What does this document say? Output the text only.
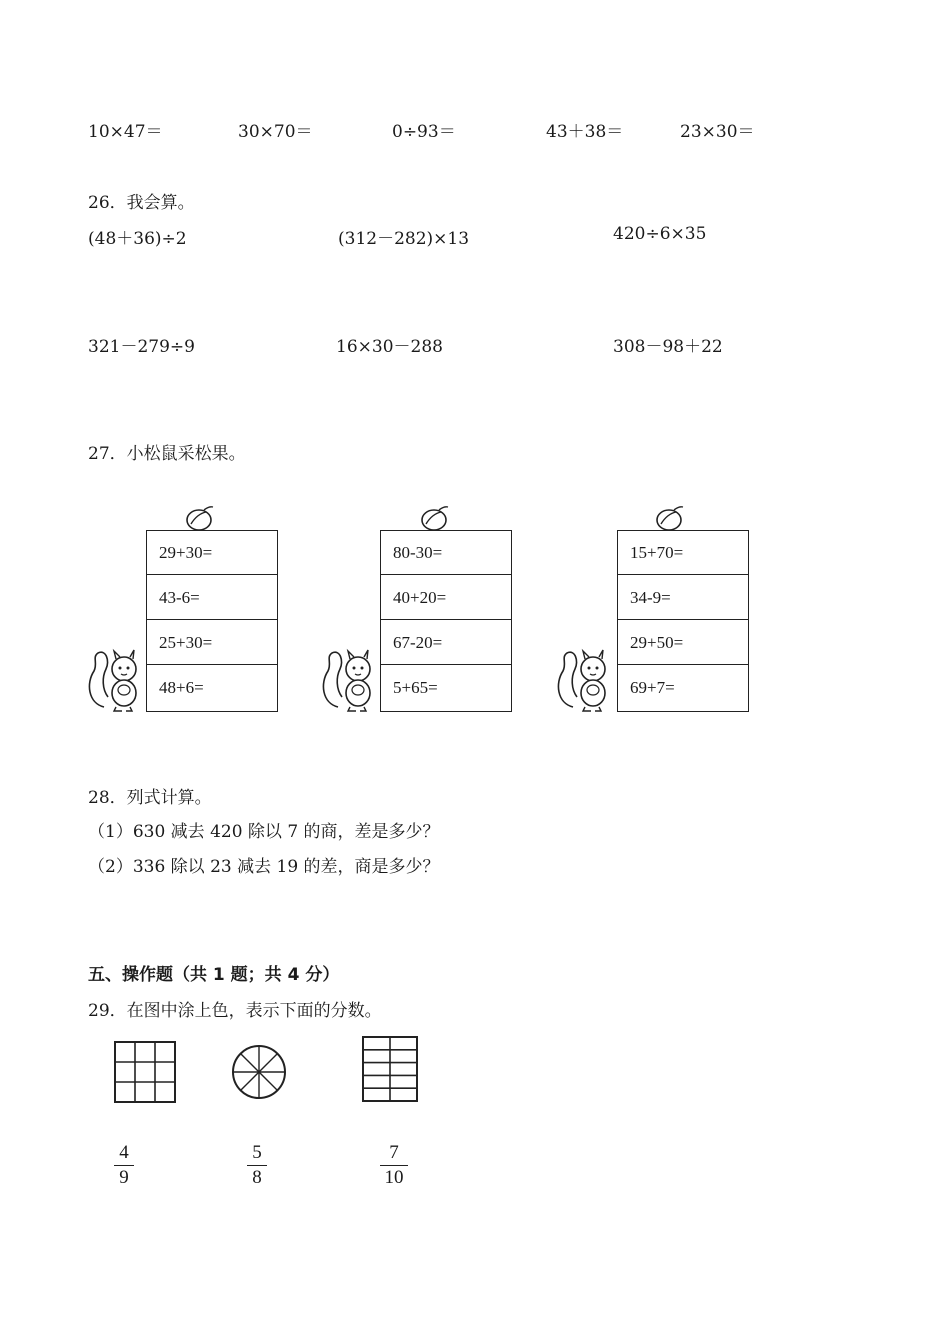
10×47＝	30×70＝	0÷93＝	43＋38＝	23×30＝
26．我会算。
(48＋36)÷2	(312－282)×13	420÷6×35
321－279÷9	16×30－288	308－98＋22
27．小松鼠采松果。
29+30=
43-6=
25+30=
48+6=
80-30=
40+20=
67-20=
5+65=
15+70=
34-9=
29+50=
69+7=
28．列式计算。
（1）630 减去 420 除以 7 的商，差是多少？
（2）336 除以 23 减去 19 的差，商是多少？
五、操作题（共 1 题；共 4 分）
29．在图中涂上色，表示下面的分数。
4
9
5
8
7
10
